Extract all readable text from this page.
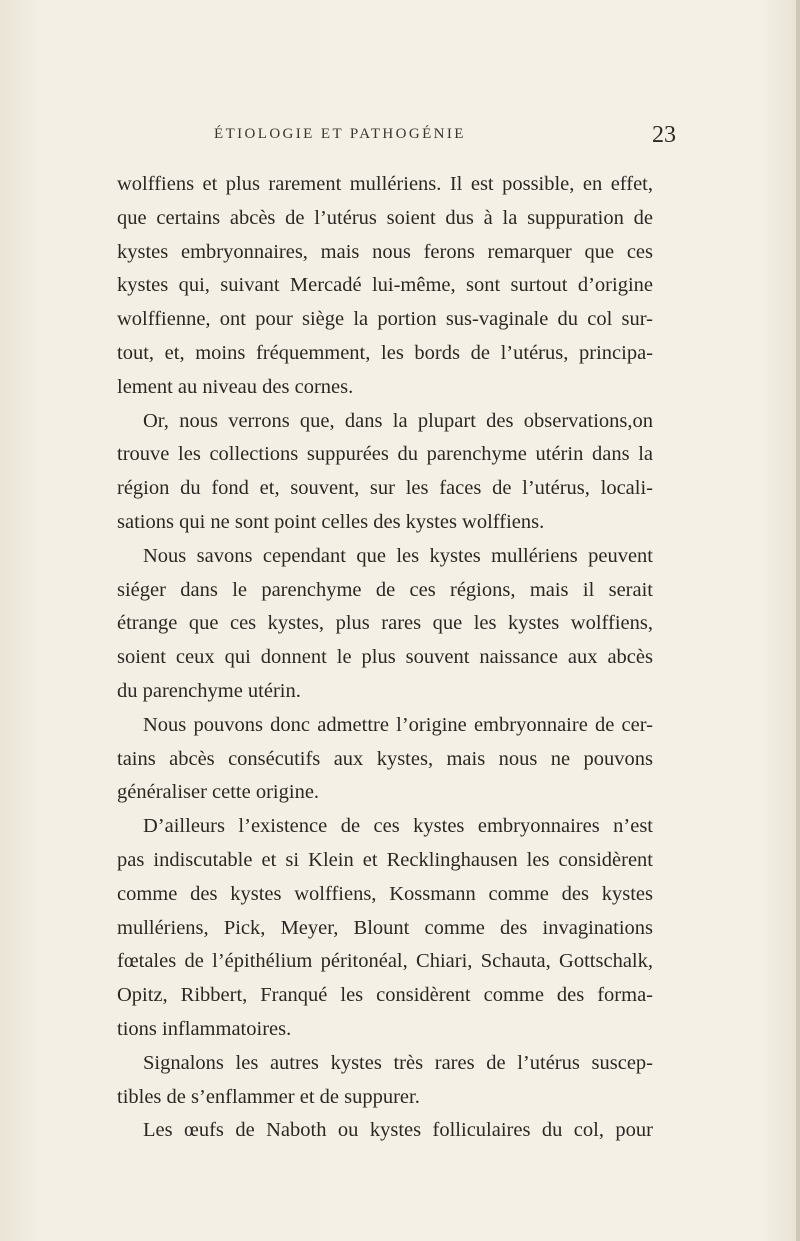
ÉTIOLOGIE ET PATHOGÉNIE	23
wolffiens et plus rarement mullériens. Il est possible, en effet,
que certains abcès de l’utérus soient dus à la suppuration de
kystes embryonnaires, mais nous ferons remarquer que ces
kystes qui, suivant Mercadé lui-même, sont surtout d’origine
wolffienne, ont pour siège la portion sus-vaginale du col sur-
tout, et, moins fréquemment, les bords de l’utérus, principa-
lement au niveau des cornes.
Or, nous verrons que, dans la plupart des observations,on
trouve les collections suppurées du parenchyme utérin dans la
région du fond et, souvent, sur les faces de l’utérus, locali-
sations qui ne sont point celles des kystes wolffiens.
Nous savons cependant que les kystes mullériens peuvent
siéger dans le parenchyme de ces régions, mais il serait
étrange que ces kystes, plus rares que les kystes wolffiens,
soient ceux qui donnent le plus souvent naissance aux abcès
du parenchyme utérin.
Nous pouvons donc admettre l’origine embryonnaire de cer-
tains abcès consécutifs aux kystes, mais nous ne pouvons
généraliser cette origine.
D’ailleurs l’existence de ces kystes embryonnaires n’est
pas indiscutable et si Klein et Recklinghausen les considèrent
comme des kystes wolffiens, Kossmann comme des kystes
mullériens, Pick, Meyer, Blount comme des invaginations
fœtales de l’épithélium péritonéal, Chiari, Schauta, Gottschalk,
Opitz, Ribbert, Franqué les considèrent comme des forma-
tions inflammatoires.
Signalons les autres kystes très rares de l’utérus suscep-
tibles de s’enflammer et de suppurer.
Les œufs de Naboth ou kystes folliculaires du col, pour
